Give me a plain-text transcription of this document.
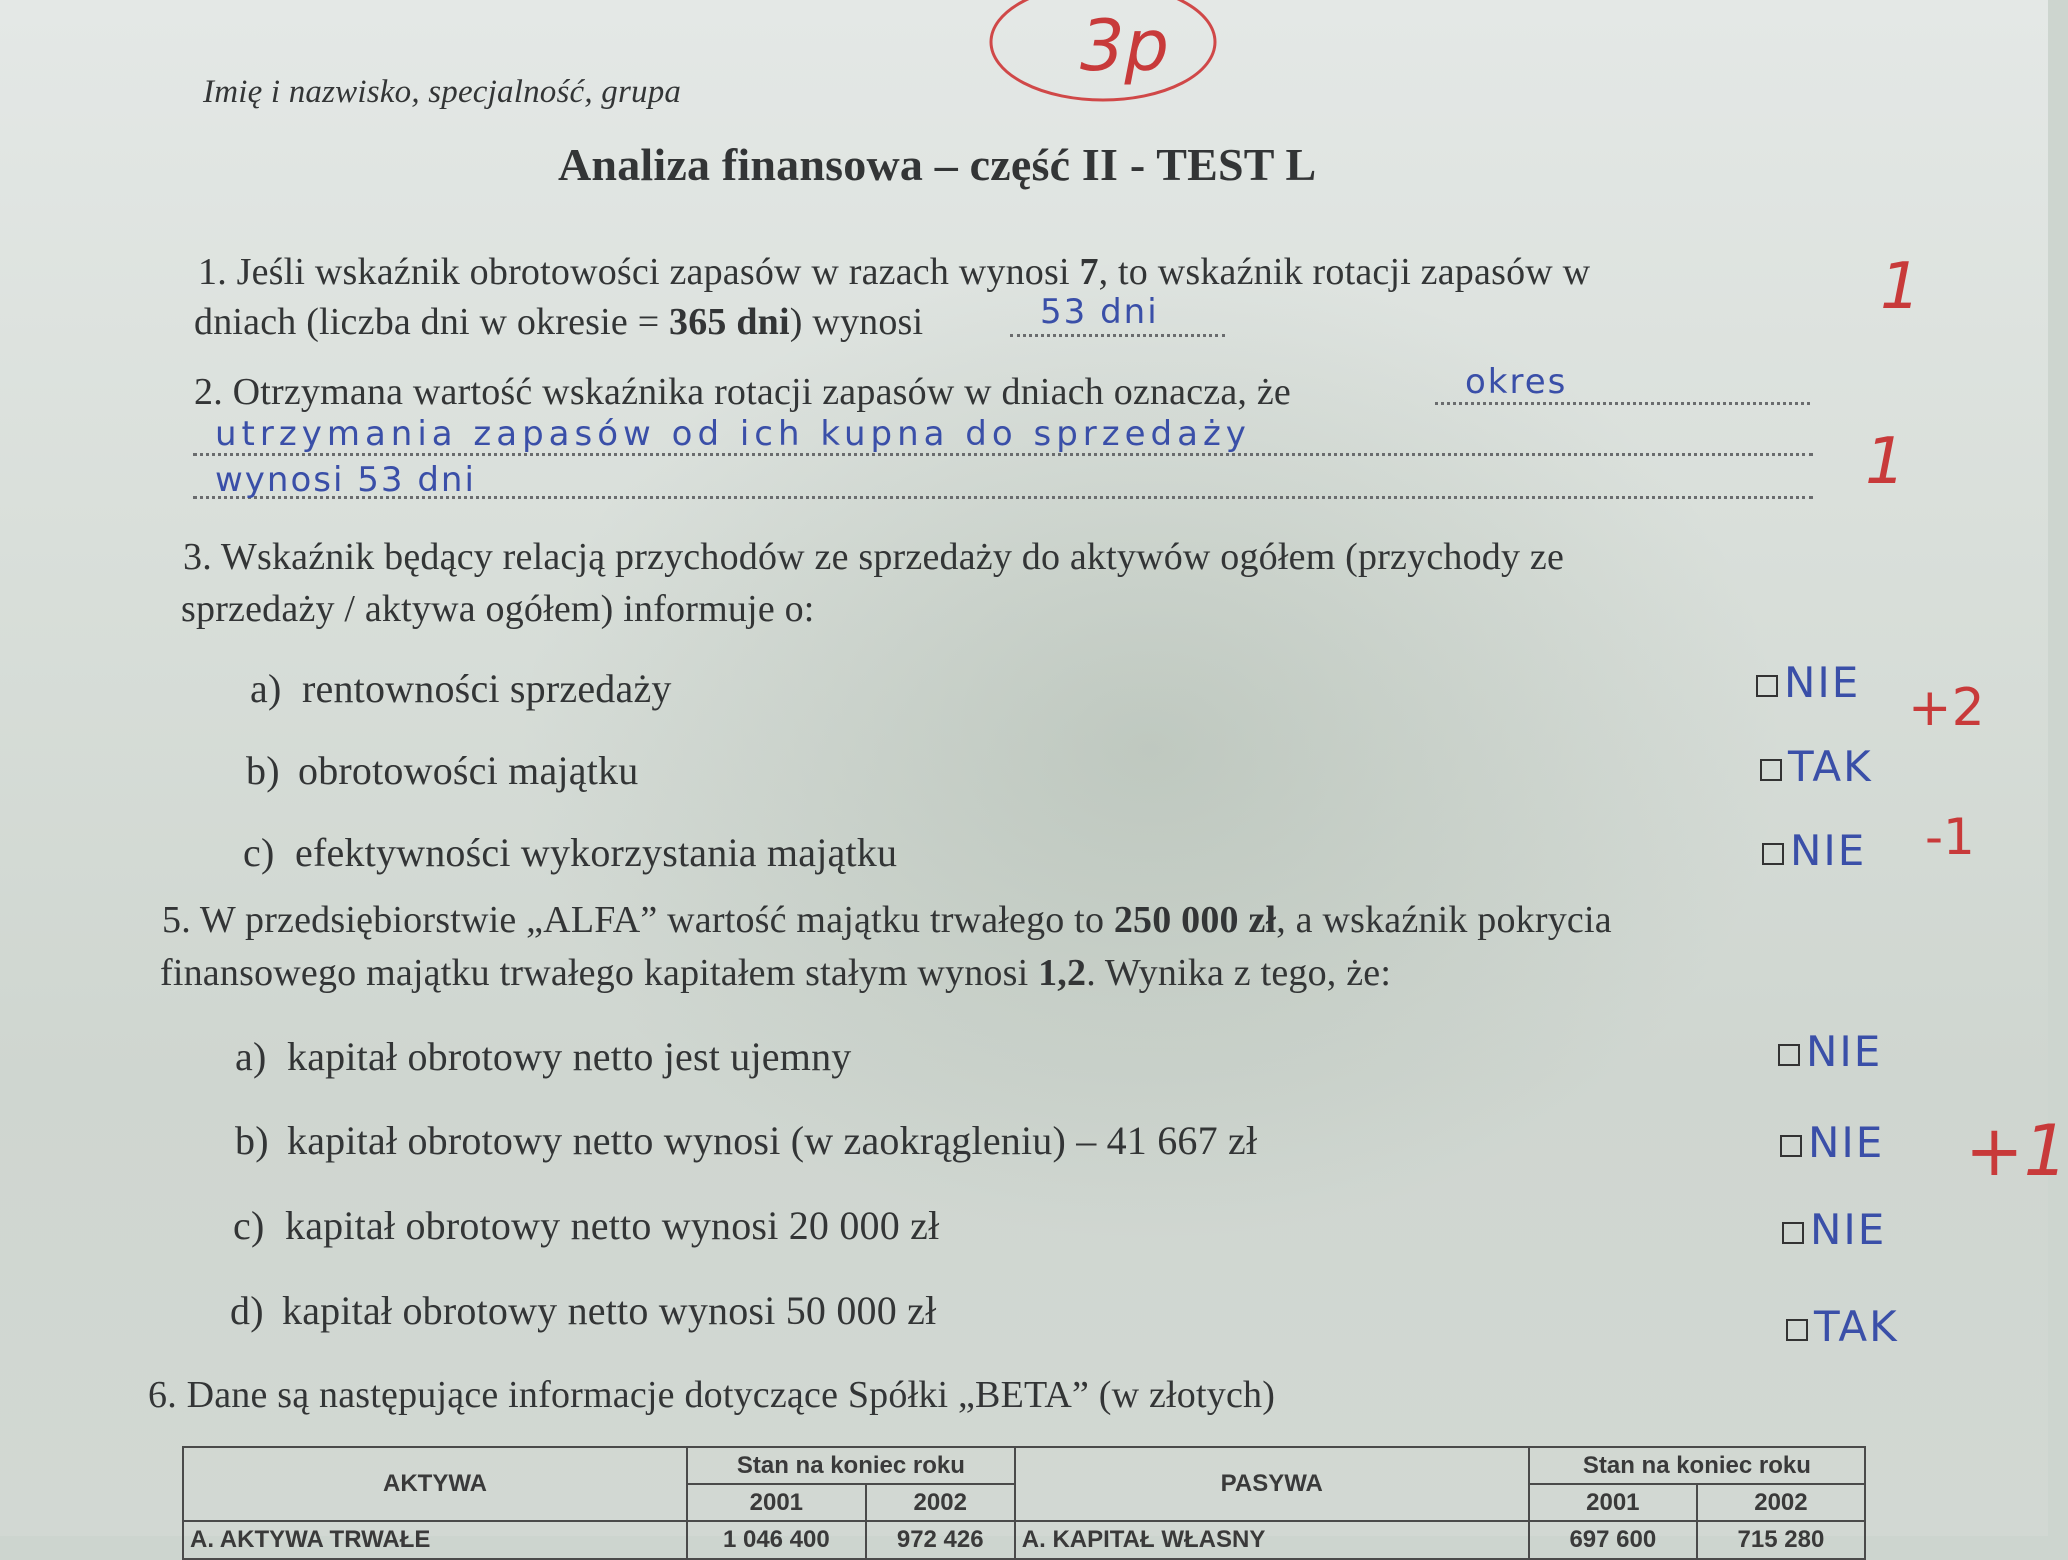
Imię i nazwisko, specjalność, grupa
3p
Analiza finansowa – część II - TEST L
1. Jeśli wskaźnik obrotowości zapasów w razach wynosi 7, to wskaźnik rotacji zapasów w
dniach (liczba dni w okresie = 365 dni) wynosi	53 dni	1
2. Otrzymana wartość wskaźnika rotacji zapasów w dniach oznacza, że	okres
utrzymania zapasów od ich kupna do sprzedaży
wynosi 53 dni	1
3. Wskaźnik będący relacją przychodów ze sprzedaży do aktywów ogółem (przychody ze
sprzedaży / aktywa ogółem) informuje o:
a) rentowności sprzedaży	NIE
b) obrotowości majątku	TAK
c) efektywności wykorzystania majątku	NIE
+2
-1
5. W przedsiębiorstwie „ALFA” wartość majątku trwałego to 250 000 zł, a wskaźnik pokrycia
finansowego majątku trwałego kapitałem stałym wynosi 1,2. Wynika z tego, że:
a) kapitał obrotowy netto jest ujemny	NIE
b) kapitał obrotowy netto wynosi (w zaokrągleniu) – 41 667 zł	NIE
c) kapitał obrotowy netto wynosi 20 000 zł	NIE
d) kapitał obrotowy netto wynosi 50 000 zł	TAK
+1
6. Dane są następujące informacje dotyczące Spółki „BETA” (w złotych)
AKTYWA	Stan na koniec roku		PASYWA	Stan na koniec roku	
	2001	2002		2001	2002
A. AKTYWA TRWAŁE	1 046 400	972 426	A. KAPITAŁ WŁASNY	697 600	715 280
